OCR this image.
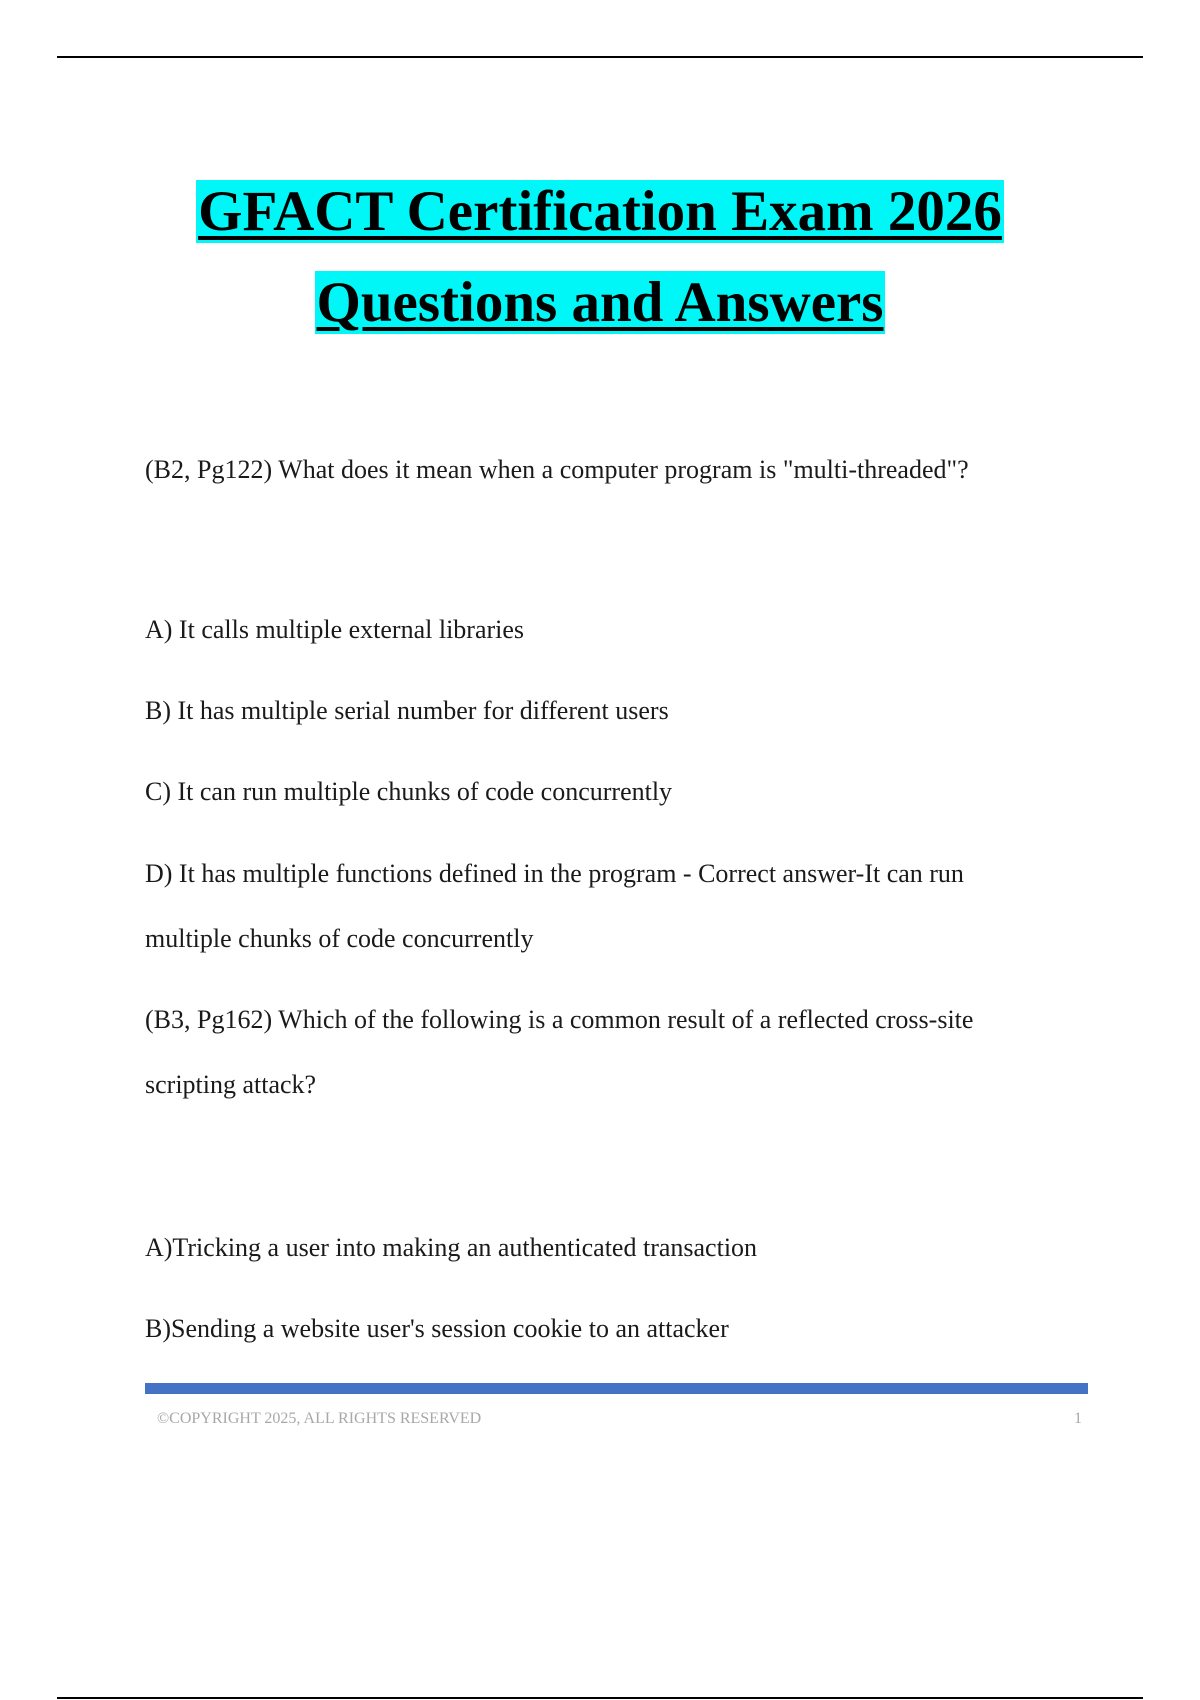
GFACT Certification Exam 2026
Questions and Answers
(B2, Pg122) What does it mean when a computer program is "multi-threaded"?
A) It calls multiple external libraries
B) It has multiple serial number for different users
C) It can run multiple chunks of code concurrently
D) It has multiple functions defined in the program - Correct answer-It can run
multiple chunks of code concurrently
(B3, Pg162) Which of the following is a common result of a reflected cross-site
scripting attack?
A)Tricking a user into making an authenticated transaction
B)Sending a website user's session cookie to an attacker
©COPYRIGHT 2025, ALL RIGHTS RESERVED	1
